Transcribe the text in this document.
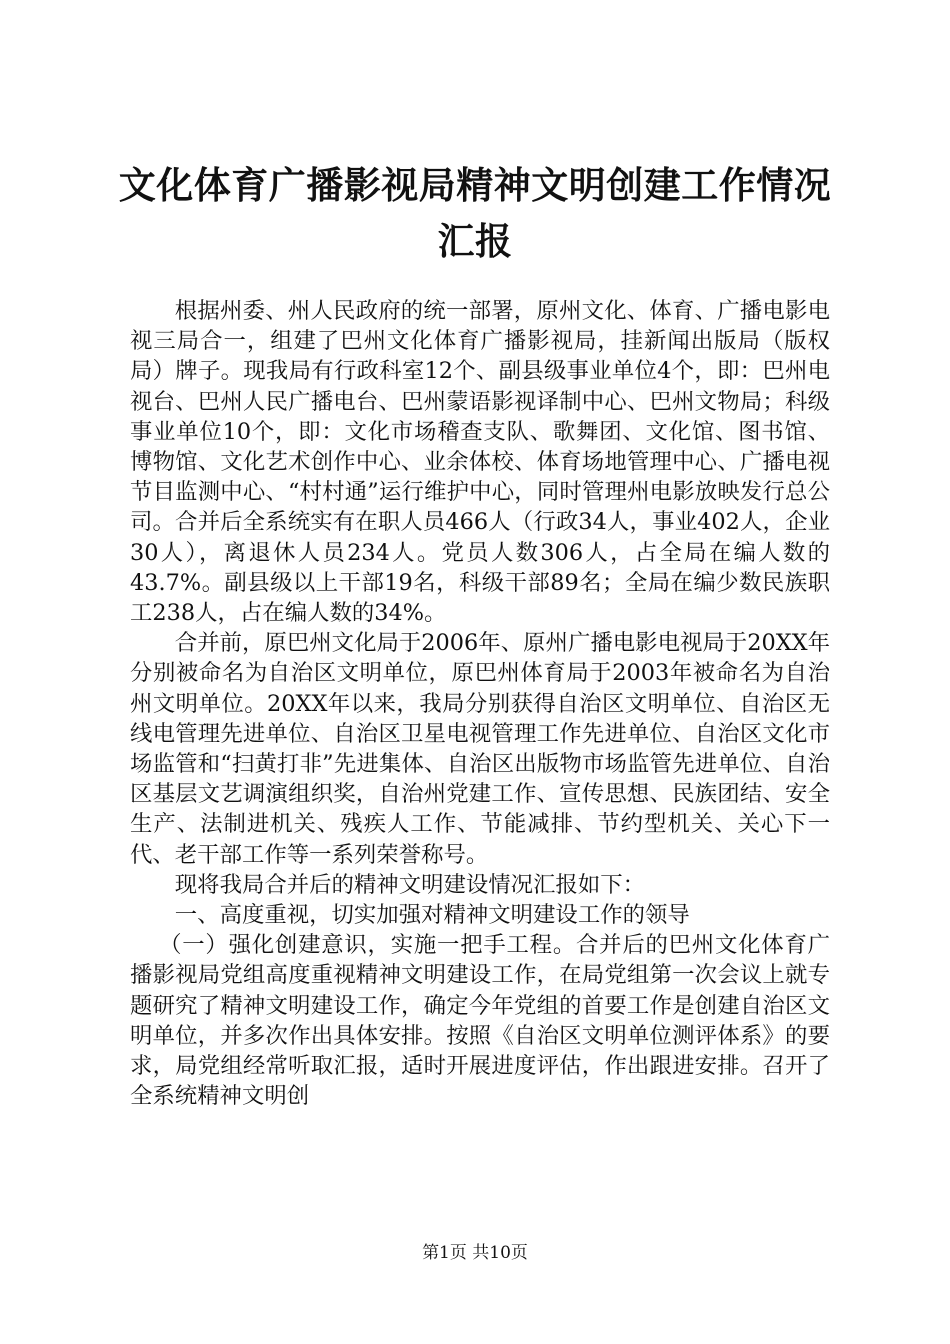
文化体育广播影视局精神文明创建工作情况汇报

根据州委、州人民政府的统一部署，原州文化、体育、广播电影电视三局合一，组建了巴州文化体育广播影视局，挂新闻出版局（版权局）牌子。现我局有行政科室12个、副县级事业单位4个，即：巴州电视台、巴州人民广播电台、巴州蒙语影视译制中心、巴州文物局；科级事业单位10个，即：文化市场稽查支队、歌舞团、文化馆、图书馆、博物馆、文化艺术创作中心、业余体校、体育场地管理中心、广播电视节目监测中心、“村村通”运行维护中心，同时管理州电影放映发行总公司。合并后全系统实有在职人员466人（行政34人，事业402人，企业30人），离退休人员234人。党员人数306人，占全局在编人数的43.7%。副县级以上干部19名，科级干部89名；全局在编少数民族职工238人，占在编人数的34%。

合并前，原巴州文化局于2006年、原州广播电影电视局于20XX年分别被命名为自治区文明单位，原巴州体育局于2003年被命名为自治州文明单位。20XX年以来，我局分别获得自治区文明单位、自治区无线电管理先进单位、自治区卫星电视管理工作先进单位、自治区文化市场监管和“扫黄打非”先进集体、自治区出版物市场监管先进单位、自治区基层文艺调演组织奖，自治州党建工作、宣传思想、民族团结、安全生产、法制进机关、残疾人工作、节能减排、节约型机关、关心下一代、老干部工作等一系列荣誉称号。

现将我局合并后的精神文明建设情况汇报如下：

一、高度重视，切实加强对精神文明建设工作的领导

（一）强化创建意识，实施一把手工程。合并后的巴州文化体育广播影视局党组高度重视精神文明建设工作，在局党组第一次会议上就专题研究了精神文明建设工作，确定今年党组的首要工作是创建自治区文明单位，并多次作出具体安排。按照《自治区文明单位测评体系》的要求，局党组经常听取汇报，适时开展进度评估，作出跟进安排。召开了全系统精神文明创

第1页 共10页
